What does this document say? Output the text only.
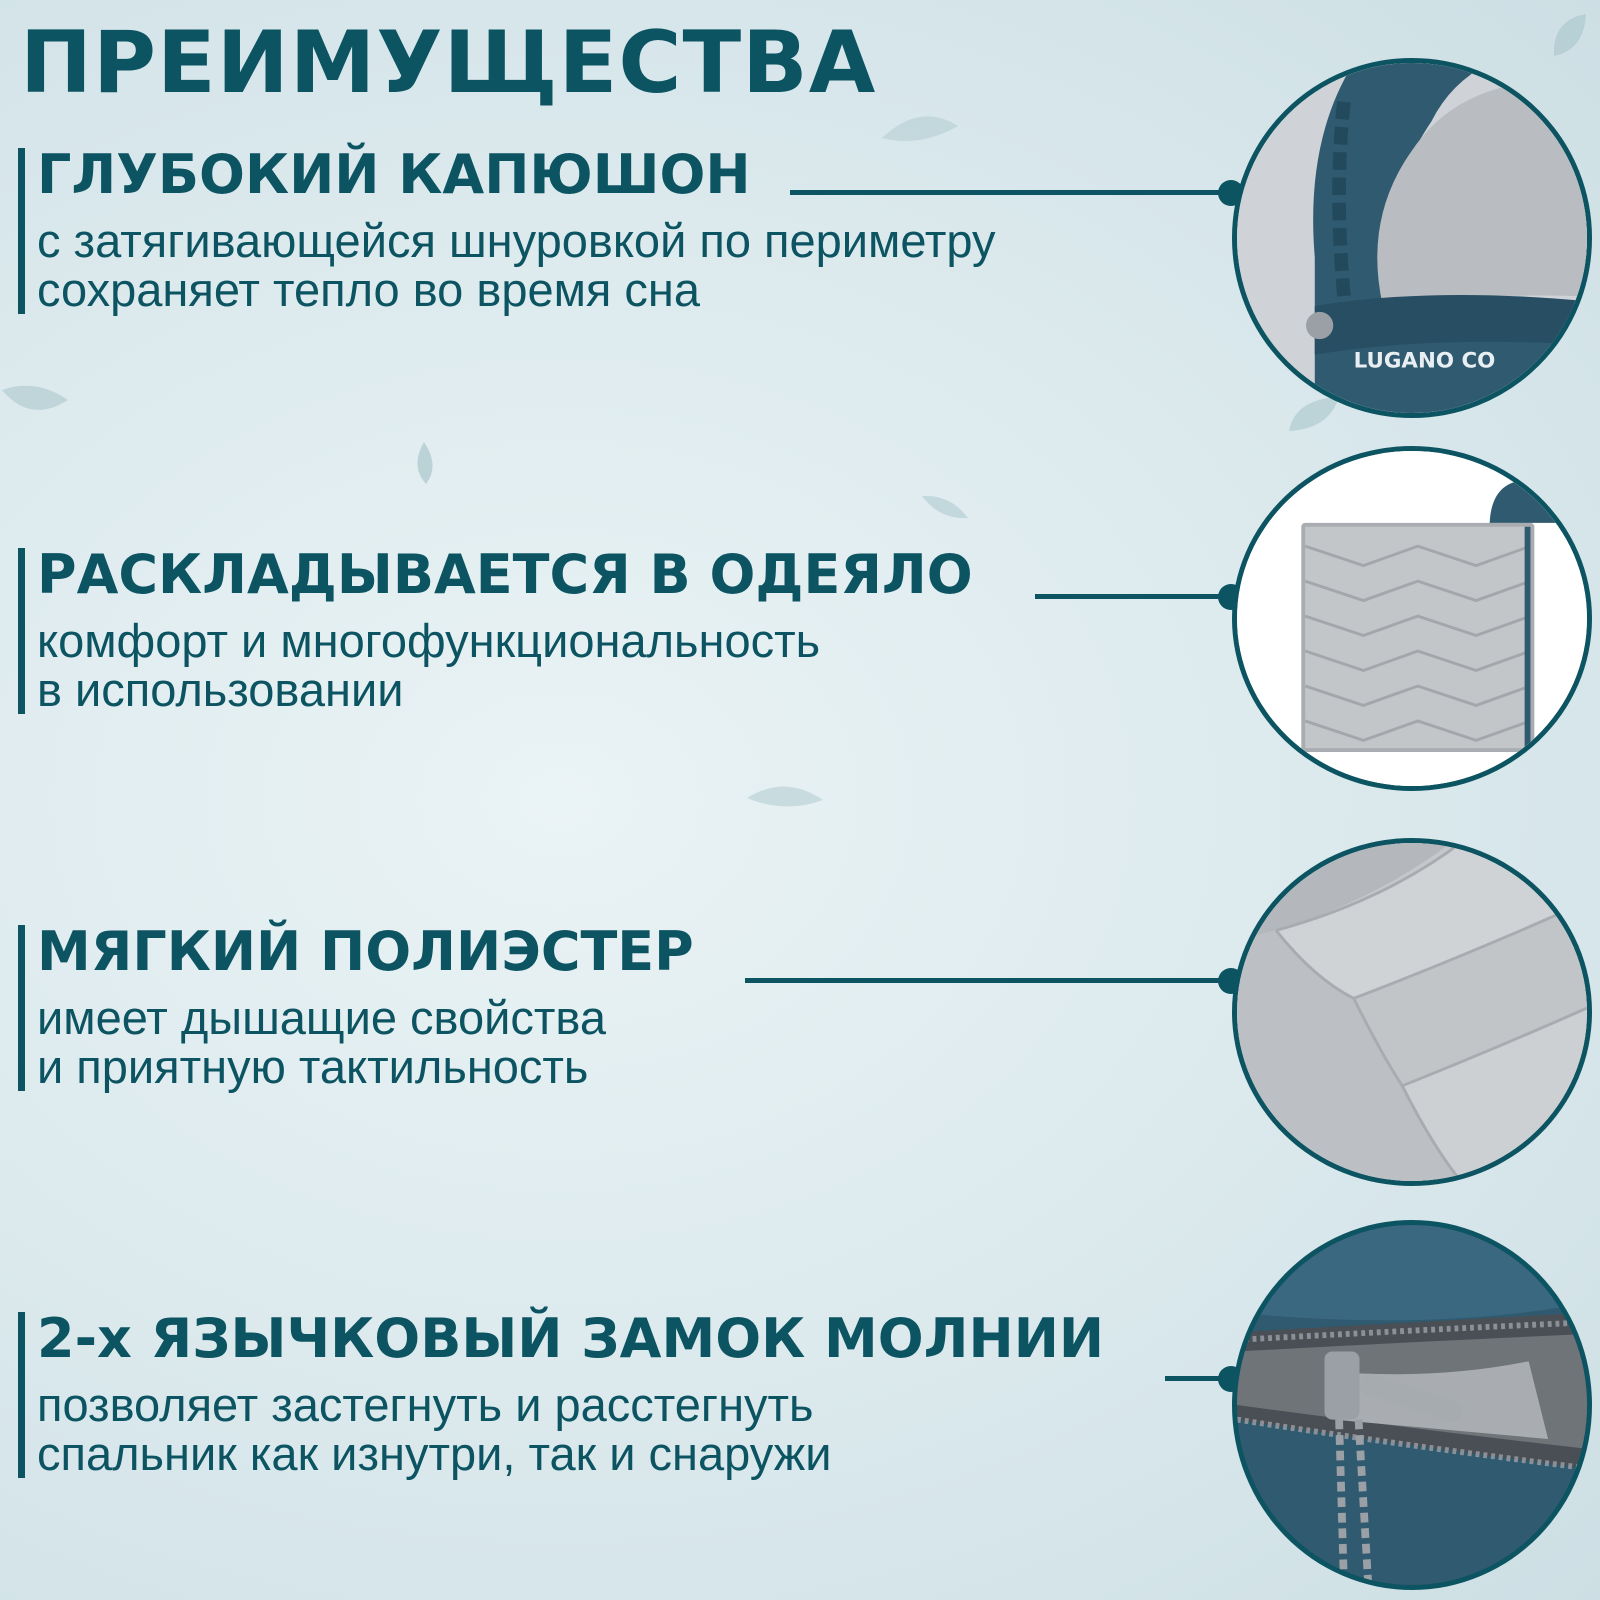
ПРЕИМУЩЕСТВА
ГЛУБОКИЙ КАПЮШОН
с затягивающейся шнуровкой по периметру
сохраняет тепло во время сна
РАСКЛАДЫВАЕТСЯ В ОДЕЯЛО
комфорт и многофункциональность
в использовании
МЯГКИЙ ПОЛИЭСТЕР
имеет дышащие свойства
и приятную тактильность
2-х ЯЗЫЧКОВЫЙ ЗАМОК МОЛНИИ
позволяет застегнуть и расстегнуть
спальник как изнутри, так и снаружи
LUGANO CO
